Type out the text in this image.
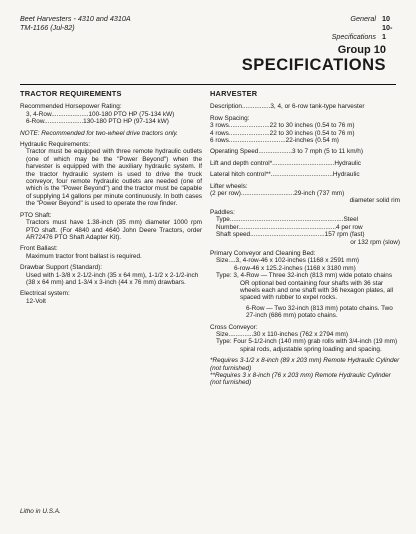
Beet Harvesters - 4310 and 4310A
TM-1166 (Jul-82)
General 10
Specifications10-1
Group 10
SPECIFICATIONS
TRACTOR REQUIREMENTS
Recommended Horsepower Rating:
3, 4-Row.....................100-180 PTO HP (75-134 kW)
6-Row......................130-180 PTO HP (97-134 kW)
NOTE: Recommended for two-wheel drive tractors only.
Hydraulic Requirements:
Tractor must be equipped with three remote hydraulic outlets (one of which may be the "Power Beyond") when the harvester is equipped with the auxiliary hydraulic system. If the tractor hydraulic system is used to drive the truck conveyor, four remote hydraulic outlets are needed (one of which is the "Power Beyond") and the tractor must be capable of supplying 14 gallons per minute continuously. In both cases the "Power Beyond" is used to operate the row finder.
PTO Shaft:
Tractors must have 1.38-inch (35 mm) diameter 1000 rpm PTO shaft. (For 4840 and 4640 John Deere Tractors, order AR72476 PTO Shaft Adapter Kit).
Front Ballast:
Maximum tractor front ballast is required.
Drawbar Support (Standard):
Used with 1-3/8 x 2-1/2-inch (35 x 64 mm), 1-1/2 x 2-1/2-inch (38 x 64 mm) and 1-3/4 x 3-inch (44 x 76 mm) drawbars.
Electrical system:
12-Volt
HARVESTER
Description................3, 4, or 6-row tank-type harvester
Row Spacing:
3 rows.......................22 to 30 inches (0.54 to 76 m)
4 rows.......................22 to 30 inches (0.54 to 76 m)
6 rows................................22-inches (0.54 m)
Operating Speed...................3 to 7 mph (5 to 11 km/h)
Lift and depth control*...................................Hydraulic
Lateral hitch control**...................................Hydraulic
Lifter wheels:
(2 per row)..............................29-inch (737 mm)
diameter solid rim
Paddles:
Type................................................................Steel
Number.......................................................4 per row
Shaft speed..........................................157 rpm (fast)
or 132 rpm (slow)
Primary Conveyor and Cleaning Bed:
Size....3, 4-row-46 x 102-inches (1168 x 2591 mm)
6-row-46 x 125.2-inches (1168 x 3180 mm)
Type: 3, 4-Row — Three 32-inch (813 mm) wide potato chains OR optional bed containing four shafts with 36 star wheels each and one shaft with 36 hexagon plates, all spaced with rubber to expel rocks.
6-Row — Two 32-inch (813 mm) potato chains. Two 27-inch (686 mm) potato chains.
Cross Conveyor:
Size..............30 x 110-inches (762 x 2794 mm)
Type: Four 5-1/2-inch (140 mm) grab rolls with 3/4-inch (19 mm) spiral rods, adjustable spring loading and spacing.
*Requires 3-1/2 x 8-inch (89 x 203 mm) Remote Hydraulic Cylinder (not furnished)
**Requires 3 x 8-inch (76 x 203 mm) Remote Hydraulic Cylinder (not furnished)
Litho in U.S.A.
